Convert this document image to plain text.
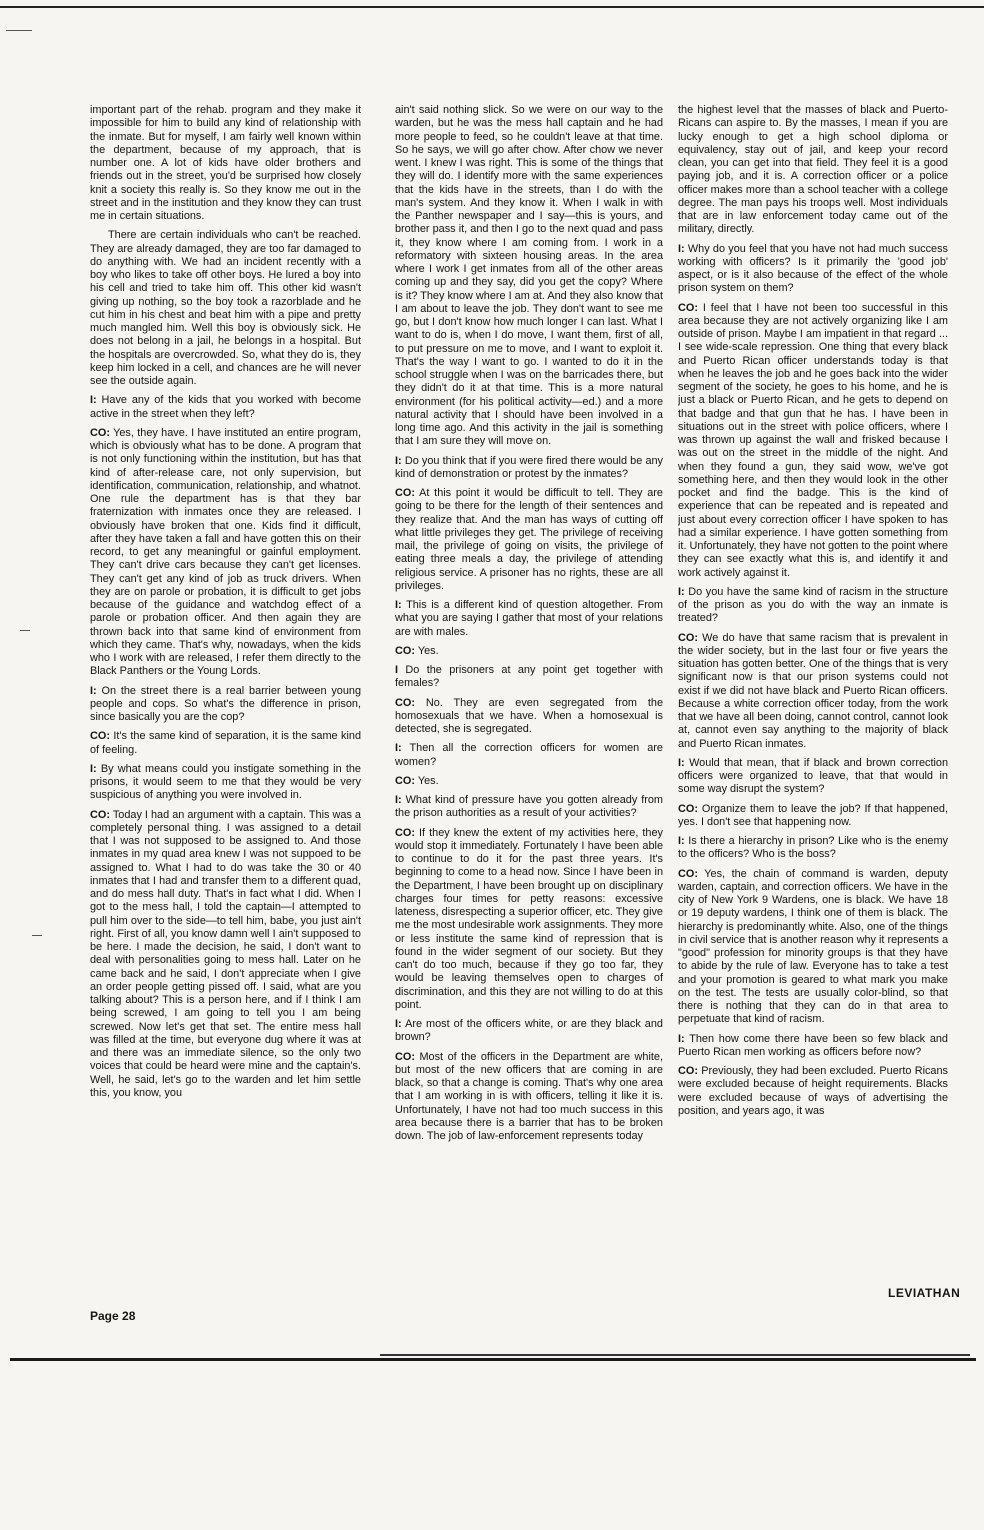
important part of the rehab. program and they make it impossible for him to build any kind of relationship with the inmate. But for myself, I am fairly well known within the department, because of my approach, that is number one. A lot of kids have older brothers and friends out in the street, you'd be surprised how closely knit a society this really is. So they know me out in the street and in the institution and they know they can trust me in certain situations.

There are certain individuals who can't be reached. They are already damaged, they are too far damaged to do anything with. We had an incident recently with a boy who likes to take off other boys. He lured a boy into his cell and tried to take him off. This other kid wasn't giving up nothing, so the boy took a razorblade and he cut him in his chest and beat him with a pipe and pretty much mangled him. Well this boy is obviously sick. He does not belong in a jail, he belongs in a hospital. But the hospitals are overcrowded. So, what they do is, they keep him locked in a cell, and chances are he will never see the outside again.

I: Have any of the kids that you worked with become active in the street when they left?

CO: Yes, they have. I have instituted an entire program, which is obviously what has to be done. A program that is not only functioning within the institution, but has that kind of after-release care, not only supervision, but identification, communication, relationship, and whatnot. One rule the department has is that they bar fraternization with inmates once they are released. I obviously have broken that one. Kids find it difficult, after they have taken a fall and have gotten this on their record, to get any meaningful or gainful employment. They can't drive cars because they can't get licenses. They can't get any kind of job as truck drivers. When they are on parole or probation, it is difficult to get jobs because of the guidance and watchdog effect of a parole or probation officer. And then again they are thrown back into that same kind of environment from which they came. That's why, nowadays, when the kids who I work with are released, I refer them directly to the Black Panthers or the Young Lords.

I: On the street there is a real barrier between young people and cops. So what's the difference in prison, since basically you are the cop?

CO: It's the same kind of separation, it is the same kind of feeling.

I: By what means could you instigate something in the prisons, it would seem to me that they would be very suspicious of anything you were involved in.

CO: Today I had an argument with a captain. This was a completely personal thing. I was assigned to a detail that I was not supposed to be assigned to. And those inmates in my quad area knew I was not suppoed to be assigned to. What I had to do was take the 30 or 40 inmates that I had and transfer them to a different quad, and do mess hall duty. That's in fact what I did. When I got to the mess hall, I told the captain—I attempted to pull him over to the side—to tell him, babe, you just ain't right. First of all, you know damn well I ain't supposed to be here. I made the decision, he said, I don't want to deal with personalities going to mess hall. Later on he came back and he said, I don't appreciate when I give an order people getting pissed off. I said, what are you talking about? This is a person here, and if I think I am being screwed, I am going to tell you I am being screwed. Now let's get that set. The entire mess hall was filled at the time, but everyone dug where it was at and there was an immediate silence, so the only two voices that could be heard were mine and the captain's. Well, he said, let's go to the warden and let him settle this, you know, you

ain't said nothing slick. So we were on our way to the warden, but he was the mess hall captain and he had more people to feed, so he couldn't leave at that time. So he says, we will go after chow. After chow we never went. I knew I was right. This is some of the things that they will do. I identify more with the same experiences that the kids have in the streets, than I do with the man's system. And they know it. When I walk in with the Panther newspaper and I say—this is yours, and brother pass it, and then I go to the next quad and pass it, they know where I am coming from. I work in a reformatory with sixteen housing areas. In the area where I work I get inmates from all of the other areas coming up and they say, did you get the copy? Where is it? They know where I am at. And they also know that I am about to leave the job. They don't want to see me go, but I don't know how much longer I can last. What I want to do is, when I do move, I want them, first of all, to put pressure on me to move, and I want to exploit it. That's the way I want to go. I wanted to do it in the school struggle when I was on the barricades there, but they didn't do it at that time. This is a more natural environment (for his political activity—ed.) and a more natural activity that I should have been involved in a long time ago. And this activity in the jail is something that I am sure they will move on.

I: Do you think that if you were fired there would be any kind of demonstration or protest by the inmates?

CO: At this point it would be difficult to tell. They are going to be there for the length of their sentences and they realize that. And the man has ways of cutting off what little privileges they get. The privilege of receiving mail, the privilege of going on visits, the privilege of eating three meals a day, the privilege of attending religious service. A prisoner has no rights, these are all privileges.

I: This is a different kind of question altogether. From what you are saying I gather that most of your relations are with males.

CO: Yes.

I Do the prisoners at any point get together with females?

CO: No. They are even segregated from the homosexuals that we have. When a homosexual is detected, she is segregated.

I: Then all the correction officers for women are women?

CO: Yes.

I: What kind of pressure have you gotten already from the prison authorities as a result of your activities?

CO: If they knew the extent of my activities here, they would stop it immediately. Fortunately I have been able to continue to do it for the past three years. It's beginning to come to a head now. Since I have been in the Department, I have been brought up on disciplinary charges four times for petty reasons: excessive lateness, disrespecting a superior officer, etc. They give me the most undesirable work assignments. They more or less institute the same kind of repression that is found in the wider segment of our society. But they can't do too much, because if they go too far, they would be leaving themselves open to charges of discrimination, and this they are not willing to do at this point.

I: Are most of the officers white, or are they black and brown?

CO: Most of the officers in the Department are white, but most of the new officers that are coming in are black, so that a change is coming. That's why one area that I am working in is with officers, telling it like it is. Unfortunately, I have not had too much success in this area because there is a barrier that has to be broken down. The job of law-enforcement represents today

the highest level that the masses of black and Puerto-Ricans can aspire to. By the masses, I mean if you are lucky enough to get a high school diploma or equivalency, stay out of jail, and keep your record clean, you can get into that field. They feel it is a good paying job, and it is. A correction officer or a police officer makes more than a school teacher with a college degree. The man pays his troops well. Most individuals that are in law enforcement today came out of the military, directly.

I: Why do you feel that you have not had much success working with officers? Is it primarily the 'good job' aspect, or is it also because of the effect of the whole prison system on them?

CO: I feel that I have not been too successful in this area because they are not actively organizing like I am outside of prison. Maybe I am impatient in that regard ... I see wide-scale repression. One thing that every black and Puerto Rican officer understands today is that when he leaves the job and he goes back into the wider segment of the society, he goes to his home, and he is just a black or Puerto Rican, and he gets to depend on that badge and that gun that he has. I have been in situations out in the street with police officers, where I was thrown up against the wall and frisked because I was out on the street in the middle of the night. And when they found a gun, they said wow, we've got something here, and then they would look in the other pocket and find the badge. This is the kind of experience that can be repeated and is repeated and just about every correction officer I have spoken to has had a similar experience. I have gotten something from it. Unfortunately, they have not gotten to the point where they can see exactly what this is, and identify it and work actively against it.

I: Do you have the same kind of racism in the structure of the prison as you do with the way an inmate is treated?

CO: We do have that same racism that is prevalent in the wider society, but in the last four or five years the situation has gotten better. One of the things that is very significant now is that our prison systems could not exist if we did not have black and Puerto Rican officers. Because a white correction officer today, from the work that we have all been doing, cannot control, cannot look at, cannot even say anything to the majority of black and Puerto Rican inmates.

I: Would that mean, that if black and brown correction officers were organized to leave, that that would in some way disrupt the system?

CO: Organize them to leave the job? If that happened, yes. I don't see that happening now.

I: Is there a hierarchy in prison? Like who is the enemy to the officers? Who is the boss?

CO: Yes, the chain of command is warden, deputy warden, captain, and correction officers. We have in the city of New York 9 Wardens, one is black. We have 18 or 19 deputy wardens, I think one of them is black. The hierarchy is predominantly white. Also, one of the things in civil service that is another reason why it represents a "good" profession for minority groups is that they have to abide by the rule of law. Everyone has to take a test and your promotion is geared to what mark you make on the test. The tests are usually color-blind, so that there is nothing that they can do in that area to perpetuate that kind of racism.

I: Then how come there have been so few black and Puerto Rican men working as officers before now?

CO: Previously, they had been excluded. Puerto Ricans were excluded because of height requirements. Blacks were excluded because of ways of advertising the position, and years ago, it was

LEVIATHAN
Page 28
